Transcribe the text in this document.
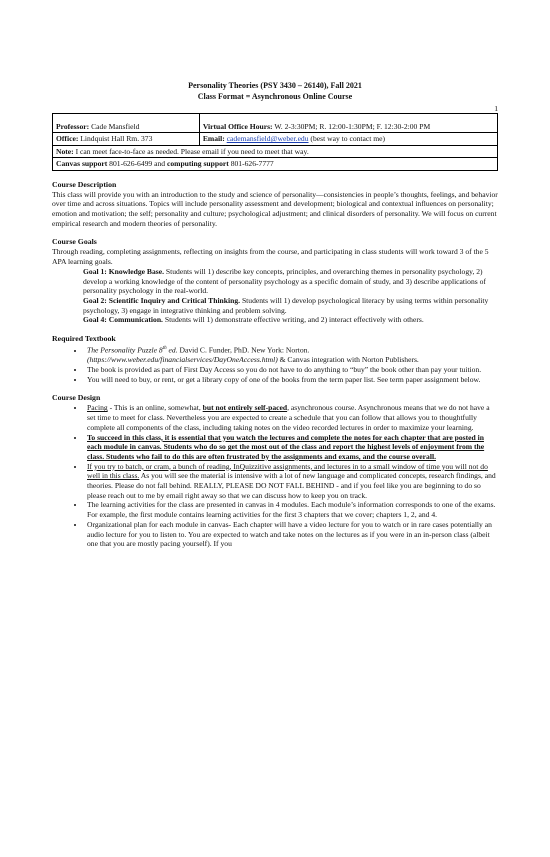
1
Personality Theories (PSY 3430 – 26140), Fall 2021
Class Format = Asynchronous Online Course
Professor: Cade Mansfield	Virtual Office Hours: W. 2-3:30PM; R. 12:00-1:30PM; F. 12:30-2:00 PM
Office: Lindquist Hall Rm. 373	Email: cademansfield@weber.edu (best way to contact me)
Note: I can meet face-to-face as needed. Please email if you need to meet that way.	
Canvas support 801-626-6499 and computing support 801-626-7777	
Course Description

This class will provide you with an introduction to the study and science of personality—consistencies in people’s thoughts, feelings, and behavior over time and across situations. Topics will include personality assessment and development; biological and contextual influences on personality; emotion and motivation; the self; personality and culture; psychological adjustment; and clinical disorders of personality. We will focus on current empirical research and modern theories of personality.

Course Goals

Through reading, completing assignments, reflecting on insights from the course, and participating in class students will work toward 3 of the 5 APA learning goals.

Goal 1: Knowledge Base. Students will 1) describe key concepts, principles, and overarching themes in personality psychology, 2) develop a working knowledge of the content of personality psychology as a specific domain of study, and 3) describe applications of personality psychology in the real-world.

Goal 2: Scientific Inquiry and Critical Thinking. Students will 1) develop psychological literacy by using terms within personality psychology, 3) engage in integrative thinking and problem solving.

Goal 4: Communication. Students will 1) demonstrate effective writing, and 2) interact effectively with others.

Required Textbook
• The Personality Puzzle 8th ed. David C. Funder, PhD. New York: Norton.
(https://www.weber.edu/financialservices/DayOneAccess.html) & Canvas integration with Norton Publishers.
• The book is provided as part of First Day Access so you do not have to do anything to “buy” the book other than pay your tuition.
• You will need to buy, or rent, or get a library copy of one of the books from the term paper list. See term paper assignment below.
Course Design
• Pacing - This is an online, somewhat, but not entirely self-paced, asynchronous course. Asynchronous means that we do not have a set time to meet for class. Nevertheless you are expected to create a schedule that you can follow that allows you to thoughtfully complete all components of the class, including taking notes on the video recorded lectures in order to maximize your learning.
• To succeed in this class, it is essential that you watch the lectures and complete the notes for each chapter that are posted in each module in canvas. Students who do so get the most out of the class and report the highest levels of enjoyment from the class. Students who fail to do this are often frustrated by the assignments and exams, and the course overall.
• If you try to batch, or cram, a bunch of reading, InQuizzitive assignments, and lectures in to a small window of time you will not do well in this class. As you will see the material is intensive with a lot of new language and complicated concepts, research findings, and theories. Please do not fall behind. REALLY, PLEASE DO NOT FALL BEHIND - and if you feel like you are beginning to do so please reach out to me by email right away so that we can discuss how to keep you on track.
• The learning activities for the class are presented in canvas in 4 modules. Each module’s information corresponds to one of the exams. For example, the first module contains learning activities for the first 3 chapters that we cover; chapters 1, 2, and 4.
• Organizational plan for each module in canvas- Each chapter will have a video lecture for you to watch or in rare cases potentially an audio lecture for you to listen to. You are expected to watch and take notes on the lectures as if you were in an in-person class (albeit one that you are mostly pacing yourself). If you
